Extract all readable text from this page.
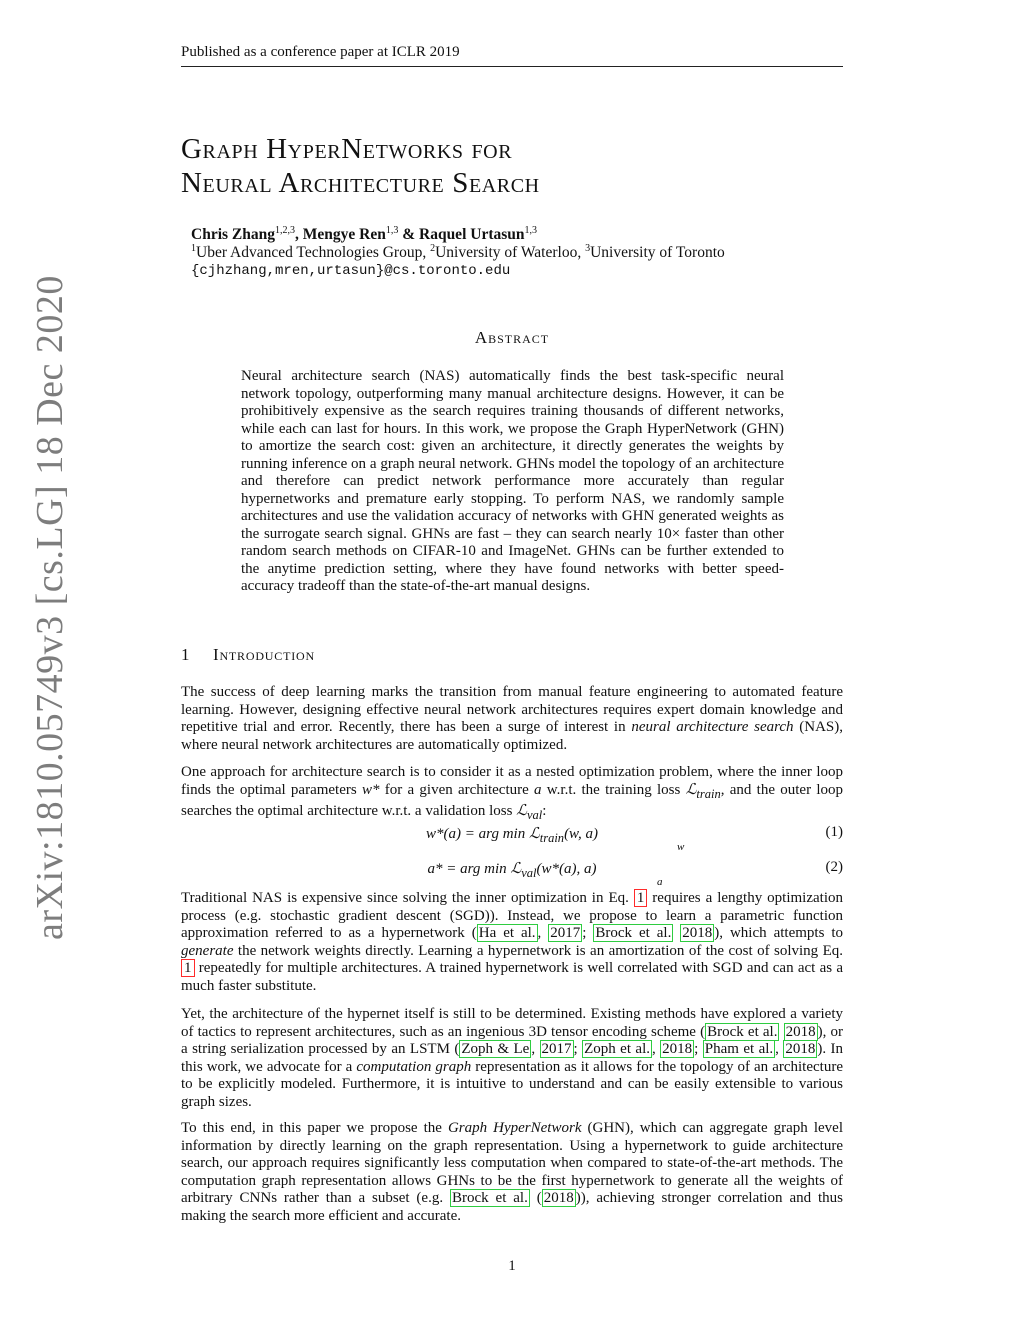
Published as a conference paper at ICLR 2019
arXiv:1810.05749v3 [cs.LG] 18 Dec 2020
Graph HyperNetworks for
Neural Architecture Search
Chris Zhang$^{1,2,3}$, Mengye Ren$^{1,3}$ & Raquel Urtasun$^{1,3}$
$^1$Uber Advanced Technologies Group, $^2$University of Waterloo, $^3$University of Toronto
{cjhzhang,mren,urtasun}@cs.toronto.edu
Abstract

Neural architecture search (NAS) automatically finds the best task-specific neural network topology, outperforming many manual architecture designs. However, it can be prohibitively expensive as the search requires training thousands of different networks, while each can last for hours. In this work, we propose the Graph HyperNetwork (GHN) to amortize the search cost: given an architecture, it directly generates the weights by running inference on a graph neural network. GHNs model the topology of an architecture and therefore can predict network performance more accurately than regular hypernetworks and premature early stopping. To perform NAS, we randomly sample architectures and use the validation accuracy of networks with GHN generated weights as the surrogate search signal. GHNs are fast – they can search nearly 10× faster than other random search methods on CIFAR-10 and ImageNet. GHNs can be further extended to the anytime prediction setting, where they have found networks with better speed-accuracy tradeoff than the state-of-the-art manual designs.

1 Introduction

The success of deep learning marks the transition from manual feature engineering to automated feature learning. However, designing effective neural network architectures requires expert domain knowledge and repetitive trial and error. Recently, there has been a surge of interest in neural architecture search (NAS), where neural network architectures are automatically optimized.

One approach for architecture search is to consider it as a nested optimization problem, where the inner loop finds the optimal parameters w* for a given architecture a w.r.t. the training loss ℒ$_{train}$, and the outer loop searches the optimal architecture w.r.t. a validation loss ℒ$_{val}$:

w*(a) = arg min ℒ$_{train}$(w, a)
w
(1)
a* = arg min ℒ$_{val}$(w*(a), a)
a
(2)

Traditional NAS is expensive since solving the inner optimization in Eq. 1 requires a lengthy optimization process (e.g. stochastic gradient descent (SGD)). Instead, we propose to learn a parametric function approximation referred to as a hypernetwork ( Ha et al. , 2017 ; Brock et al. 2018 ), which attempts to generate the network weights directly. Learning a hypernetwork is an amortization of the cost of solving Eq. 1 repeatedly for multiple architectures. A trained hypernetwork is well correlated with SGD and can act as a much faster substitute.

Yet, the architecture of the hypernet itself is still to be determined. Existing methods have explored a variety of tactics to represent architectures, such as an ingenious 3D tensor encoding scheme ( Brock et al. 2018 ), or a string serialization processed by an LSTM ( Zoph & Le , 2017 ; Zoph et al. , 2018 ; Pham et al. , 2018 ). In this work, we advocate for a computation graph representation as it allows for the topology of an architecture to be explicitly modeled. Furthermore, it is intuitive to understand and can be easily extensible to various graph sizes.

To this end, in this paper we propose the Graph HyperNetwork (GHN), which can aggregate graph level information by directly learning on the graph representation. Using a hypernetwork to guide architecture search, our approach requires significantly less computation when compared to state-of-the-art methods. The computation graph representation allows GHNs to be the first hypernetwork to generate all the weights of arbitrary CNNs rather than a subset (e.g. Brock et al. ( 2018 )), achieving stronger correlation and thus making the search more efficient and accurate.

1
